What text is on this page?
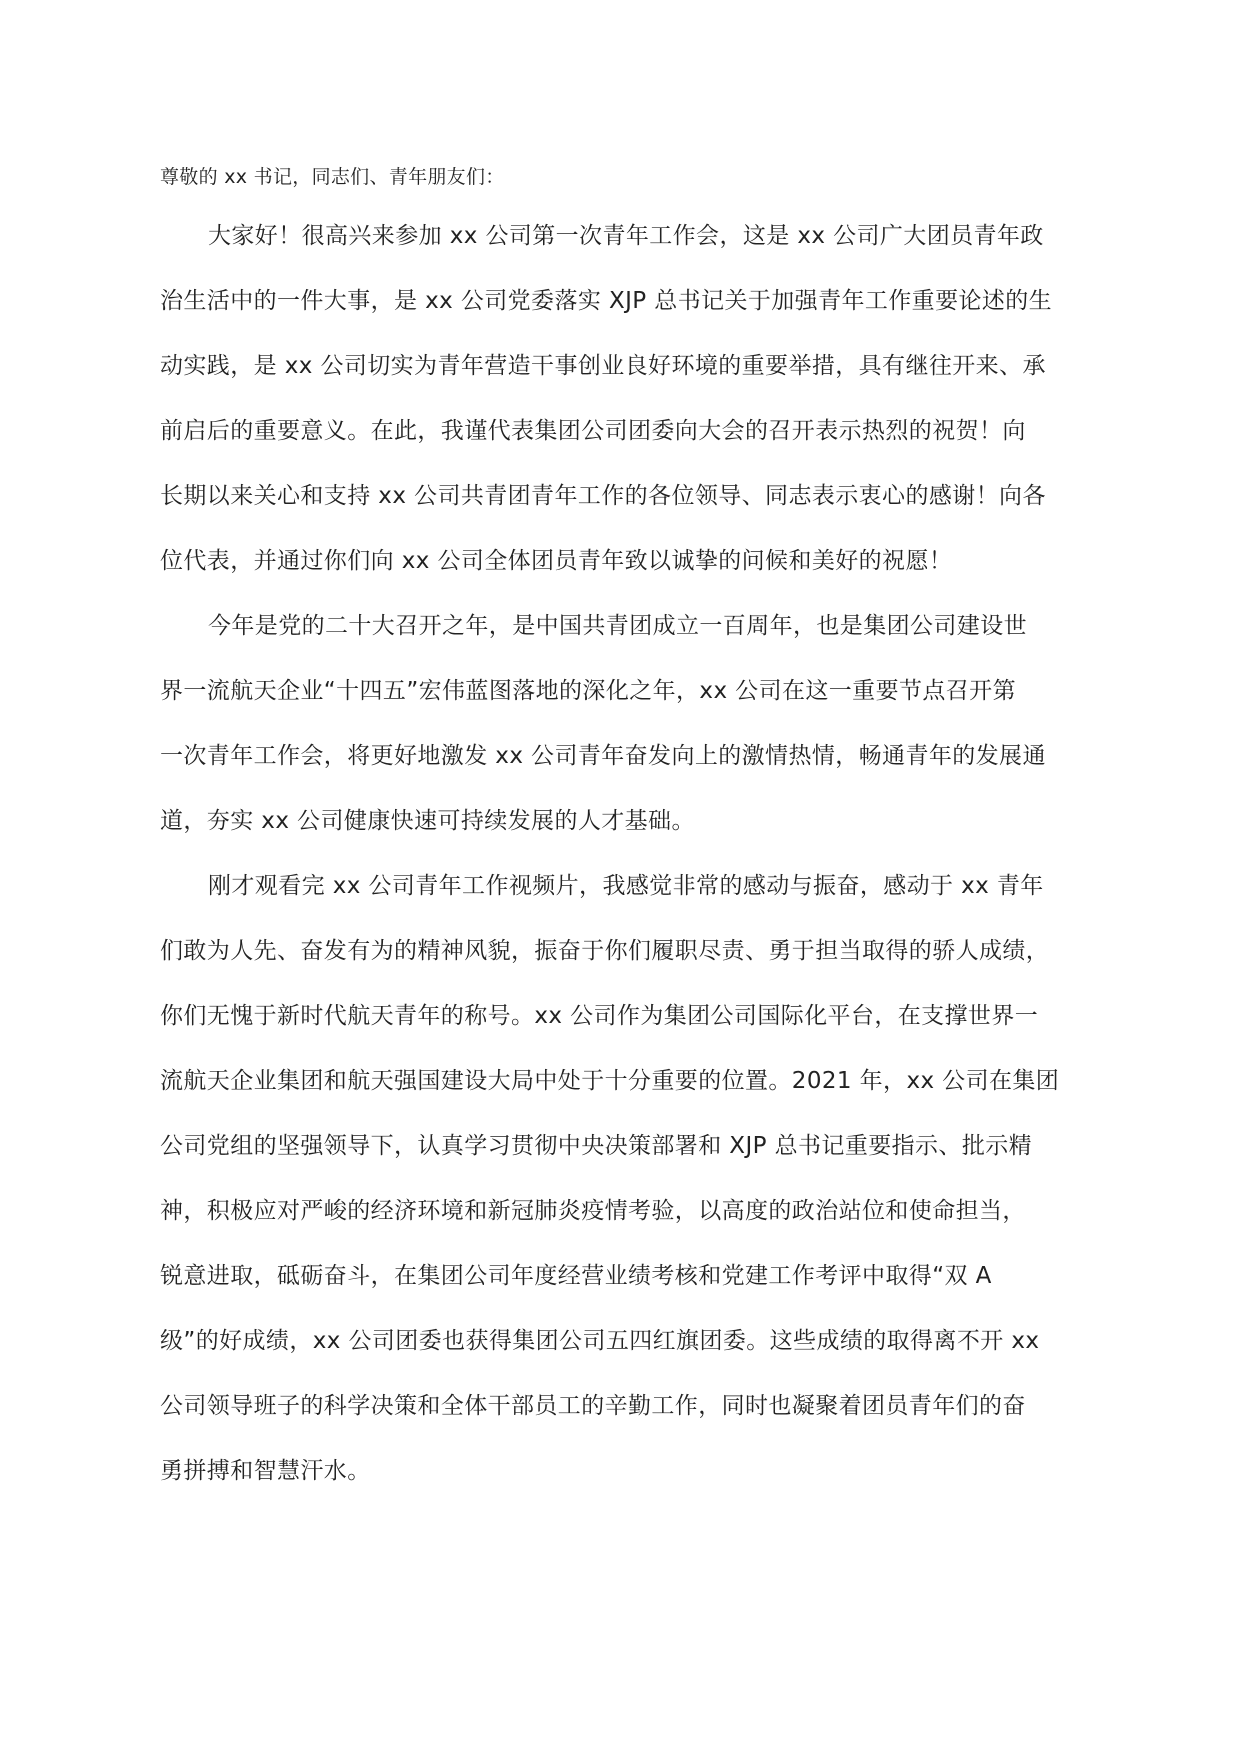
尊敬的 xx 书记，同志们、青年朋友们：
大家好！很高兴来参加 xx 公司第一次青年工作会，这是 xx 公司广大团员青年政
治生活中的一件大事，是 xx 公司党委落实 XJP 总书记关于加强青年工作重要论述的生
动实践，是 xx 公司切实为青年营造干事创业良好环境的重要举措，具有继往开来、承
前启后的重要意义。在此，我谨代表集团公司团委向大会的召开表示热烈的祝贺！向
长期以来关心和支持 xx 公司共青团青年工作的各位领导、同志表示衷心的感谢！向各
位代表，并通过你们向 xx 公司全体团员青年致以诚挚的问候和美好的祝愿！
今年是党的二十大召开之年，是中国共青团成立一百周年，也是集团公司建设世
界一流航天企业“十四五”宏伟蓝图落地的深化之年，xx 公司在这一重要节点召开第
一次青年工作会，将更好地激发 xx 公司青年奋发向上的激情热情，畅通青年的发展通
道，夯实 xx 公司健康快速可持续发展的人才基础。
刚才观看完 xx 公司青年工作视频片，我感觉非常的感动与振奋，感动于 xx 青年
们敢为人先、奋发有为的精神风貌，振奋于你们履职尽责、勇于担当取得的骄人成绩，
你们无愧于新时代航天青年的称号。xx 公司作为集团公司国际化平台，在支撑世界一
流航天企业集团和航天强国建设大局中处于十分重要的位置。2021 年，xx 公司在集团
公司党组的坚强领导下，认真学习贯彻中央决策部署和 XJP 总书记重要指示、批示精
神，积极应对严峻的经济环境和新冠肺炎疫情考验，以高度的政治站位和使命担当，
锐意进取，砥砺奋斗，在集团公司年度经营业绩考核和党建工作考评中取得“双 A
级”的好成绩，xx 公司团委也获得集团公司五四红旗团委。这些成绩的取得离不开 xx
公司领导班子的科学决策和全体干部员工的辛勤工作，同时也凝聚着团员青年们的奋
勇拼搏和智慧汗水。
